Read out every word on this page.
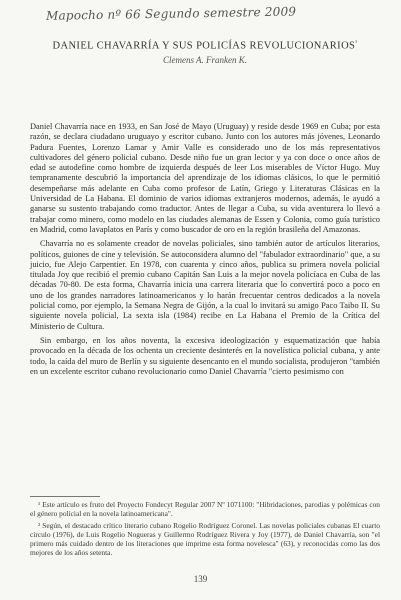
Mapocho nº 66 Segundo semestre 2009
DANIEL CHAVARRÍA Y SUS POLICÍAS $REVOLUCIONARIOS^{^1}$
Clemens A. Franken K.

Daniel Chavarría nace en 1933, en San José de Mayo (Uruguay) y reside desde 1969 en Cuba; por esta razón, se declara ciudadano uruguayo y escritor cubano. Junto con los autores más jóvenes, Leonardo Padura Fuentes, Lorenzo Lamar y Amir Valle es considerado uno de los más representativos cultivadores del género policial cubano. Desde niño fue un gran lector y ya con doce o once años de edad se autodefine como hombre de izquierda después de leer Los miserables de Víctor Hugo. Muy tempranamente descubrió la importancia del aprendizaje de los idiomas clásicos, lo que le permitió desempeñarse más adelante en Cuba como profesor de Latín, Griego y Literaturas Clásicas en la Universidad de La Habana. El dominio de varios idiomas extranjeros modernos, además, le ayudó a ganarse su sustento trabajando como traductor. Antes de llegar a Cuba, su vida aventurera lo llevó a trabajar como minero, como modelo en las ciudades alemanas de Essen y Colonia, como guía turístico en Madrid, como lavaplatos en París y como buscador de oro en la región brasileña del Amazonas.

Chavarría no es solamente creador de novelas policiales, sino también autor de artículos literarios, políticos, guiones de cine y televisión. Se autoconsidera alumno del "fabulador extraordinario" que, a su juicio, fue Alejo Carpentier. En 1978, con cuarenta y cinco años, publica su primera novela policial titulada Joy que recibió el premio cubano Capitán San Luis a la mejor novela policíaca en Cuba de las décadas 70-80. De esta forma, Chavarría inicia una carrera literaria que lo convertirá poco a poco en uno de los grandes narradores latinoamericanos y lo harán frecuentar centros dedicados a la novela policial como, por ejemplo, la Semana Negra de Gijón, a la cual lo invitará su amigo Paco Taibo II. Su siguiente novela policial, La sexta isla (1984) recibe en La Habana el Premio de la Crítica del Ministerio de Cultura.

Sin embargo, en los años noventa, la excesiva ideologización y esquematización que había provocado en la década de los ochenta un creciente desinterés en la novelística policial cubana, y ante todo, la caída del muro de Berlín y su siguiente desencanto en el mundo socialista, produjeron "también en un excelente escritor cubano revolucionario como Daniel Chavarría "cierto pesimismo con

¹ Este artículo es fruto del Proyecto Fondecyt Regular 2007 Nº 1071100: "Hibridaciones, parodias y polémicas con el género policial en la novela latinoamericana".

² Según, el destacado crítico literario cubano Rogelio Rodríguez Coronel. Las novelas policiales cubanas El cuarto círculo (1976), de Luis Rogelio Nogueras y Guillermo Rodríguez Rivera y Joy (1977), de Daniel Chavarría, son "el primero más cuidado dentro de los literaciones que imprime esta forma novelesca" (63), y reconocidas como las dos mejores de los años setenta.

139
